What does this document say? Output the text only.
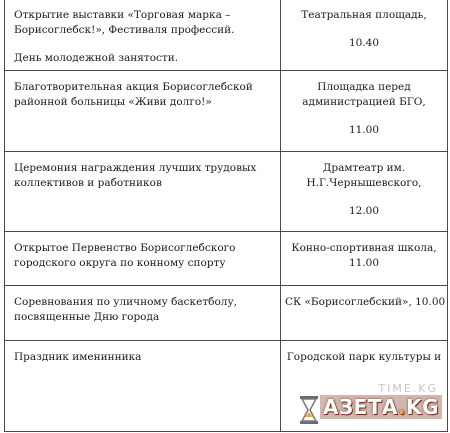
Открытие выставки «Торговая марка –
Борисоглебск!», Фестиваля профессий.
День молодежной занятости.	Театральная площадь,
10.40

Благотворительная акция Борисоглебской
районной больницы «Живи долго!»	Площадка перед
администрацией БГО,
11.00

Церемония награждения лучших трудовых
коллективов и работников	Драмтеатр им.
Н.Г.Чернышевского,
12.00

Открытое Первенство Борисоглебского
городского округа по конному спорту	Конно-спортивная школа,
11.00

Соревнования по уличному баскетболу,
посвященные Дню города	СК «Борисоглебский», 10.00

Праздник именинника	Городской парк культуры и
TIME.KG
АЗЕТА.KG
